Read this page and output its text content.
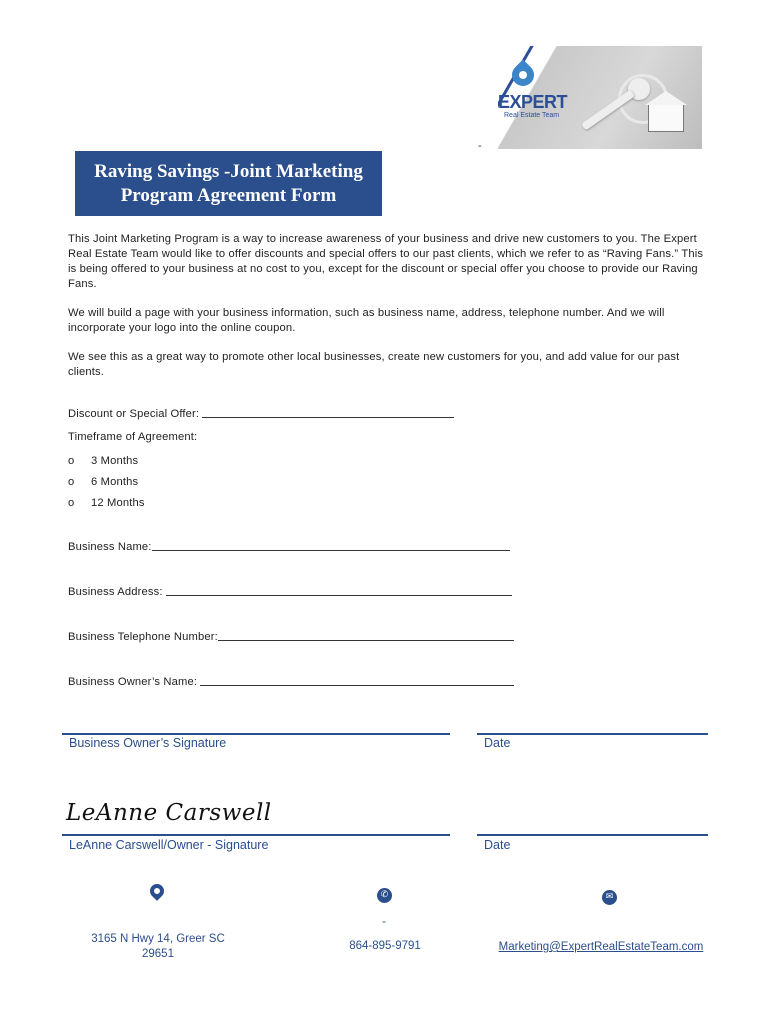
EXPERT
Real Estate Team
-
Raving Savings -Joint Marketing
Program Agreement Form
This Joint Marketing Program is a way to increase awareness of your business and drive new customers to you. The Expert Real Estate Team would like to offer discounts and special offers to our past clients, which we refer to as “Raving Fans.” This is being offered to your business at no cost to you, except for the discount or special offer you choose to provide our Raving Fans.
We will build a page with your business information, such as business name, address, telephone number. And we will incorporate your logo into the online coupon.
We see this as a great way to promote other local businesses, create new customers for you, and add value for our past clients.
Discount or Special Offer:
Timeframe of Agreement:
o 3 Months
o 6 Months
o 12 Months
Business Name:
Business Address:
Business Telephone Number:
Business Owner’s Name:
Business Owner’s Signature	Date
LeAnne Carswell
LeAnne Carswell/Owner - Signature	Date
✆	✉
3165 N Hwy 14, Greer SC
29651
-
864-895-9791	Marketing@ExpertRealEstateTeam.com
